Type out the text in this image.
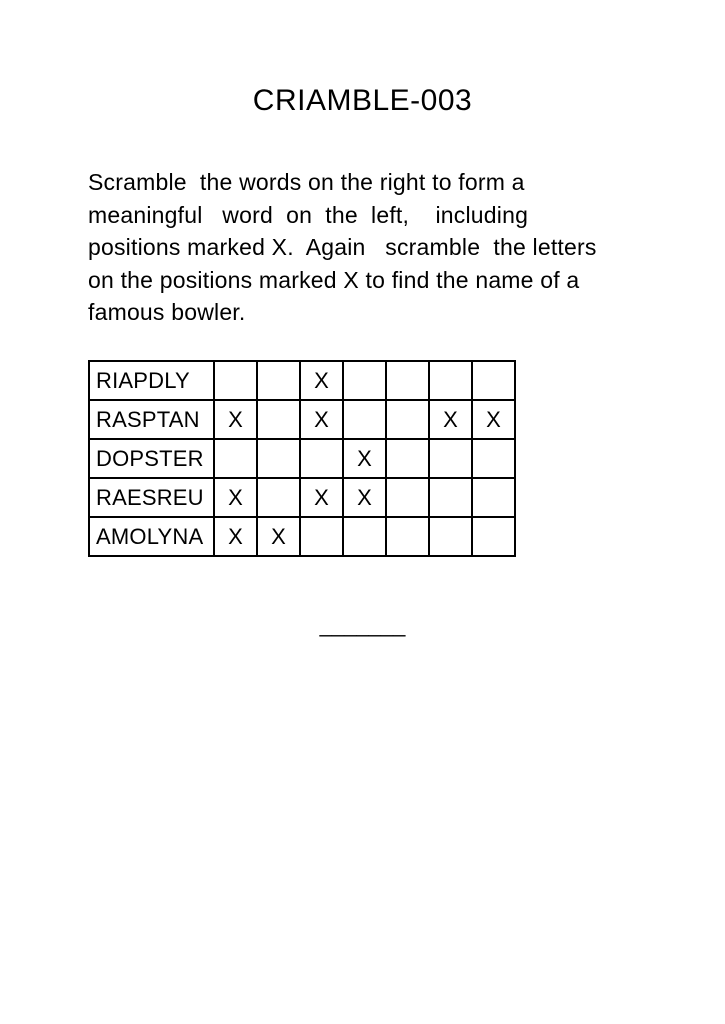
CRIAMBLE-003
Scramble  the words on the right to form a
meaningful   word  on  the  left,    including
positions marked X.  Again   scramble  the letters
on the positions marked X to find the name of a
famous bowler.
RIAPDLY			X				
RASPTAN	X		X			X	X
DOPSTER				X			
RAESREU	X		X	X			
AMOLYNA	X	X					
_______
